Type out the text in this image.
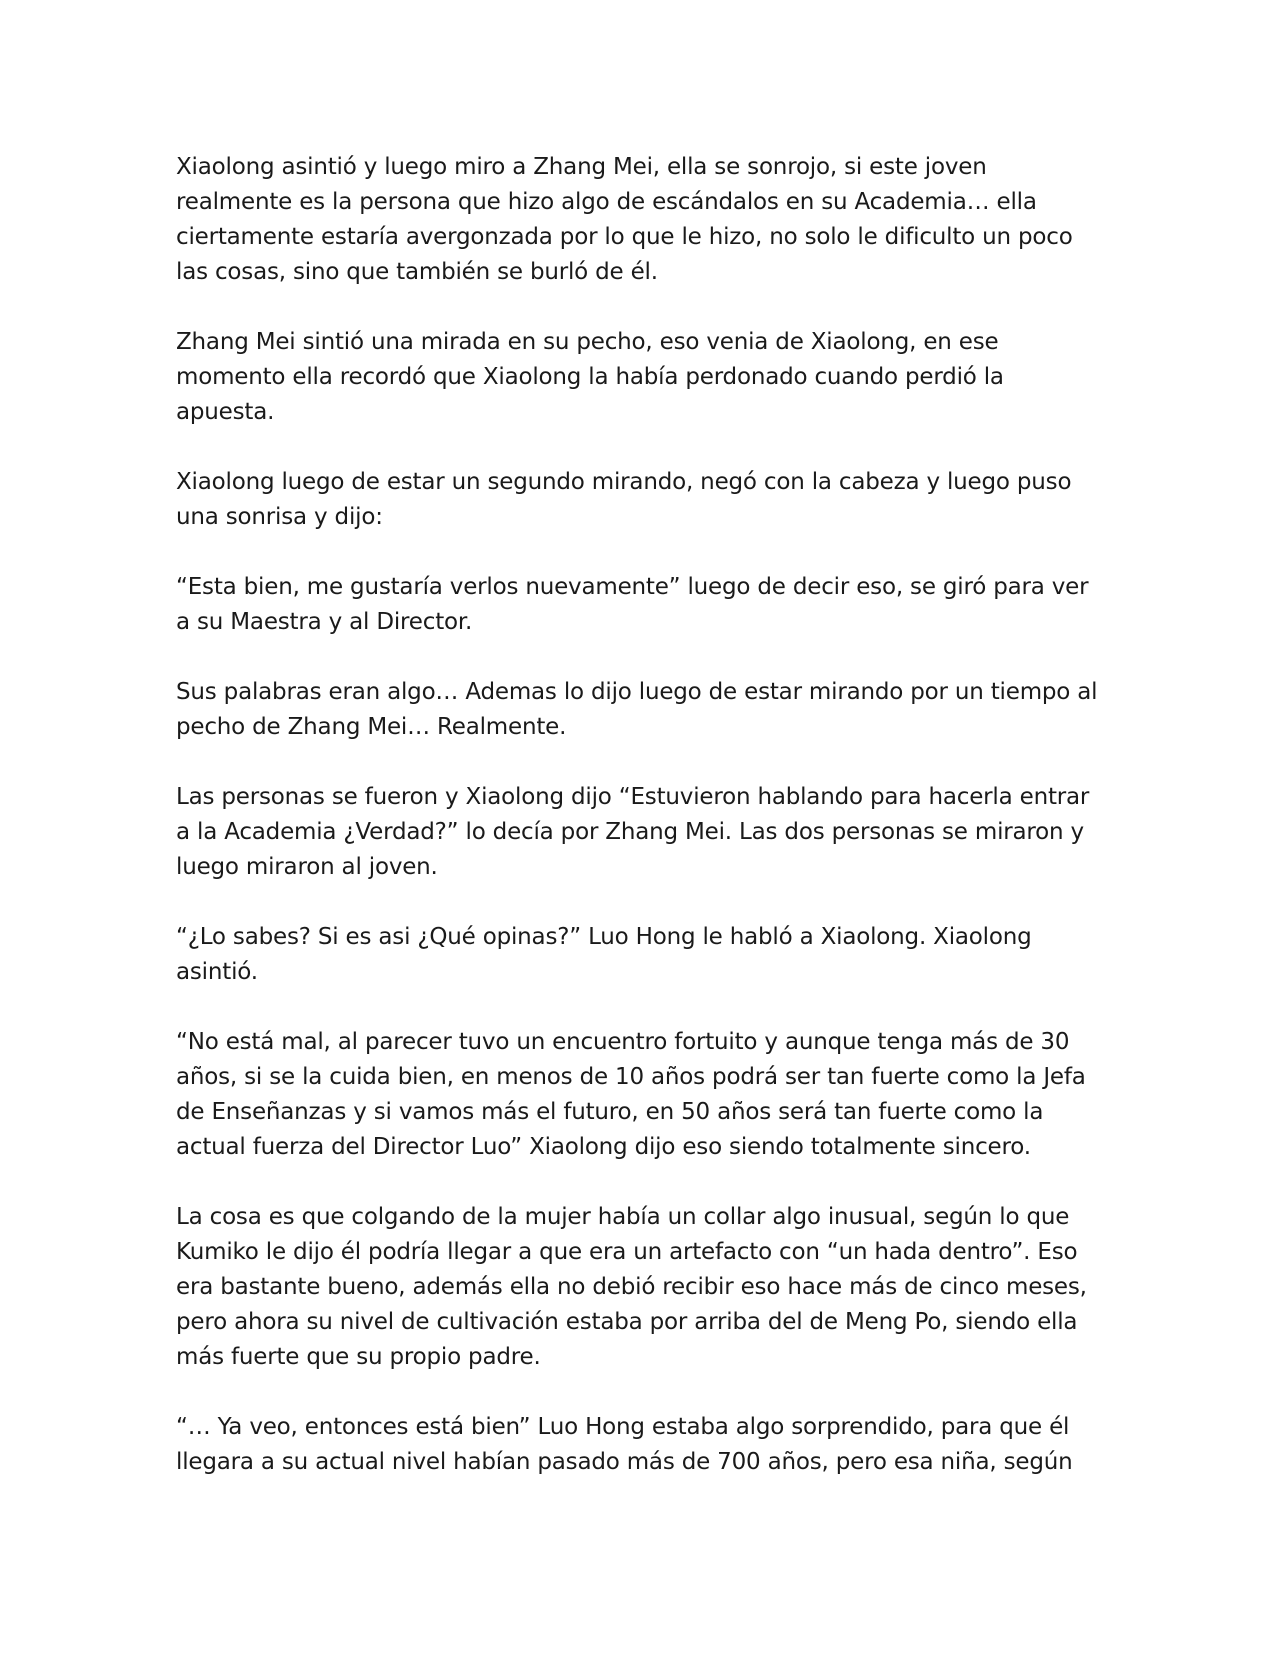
Xiaolong asintió y luego miro a Zhang Mei, ella se sonrojo, si este joven realmente es la persona que hizo algo de escándalos en su Academia… ella ciertamente estaría avergonzada por lo que le hizo, no solo le dificulto un poco las cosas, sino que también se burló de él.

Zhang Mei sintió una mirada en su pecho, eso venia de Xiaolong, en ese momento ella recordó que Xiaolong la había perdonado cuando perdió la apuesta.

Xiaolong luego de estar un segundo mirando, negó con la cabeza y luego puso una sonrisa y dijo:

“Esta bien, me gustaría verlos nuevamente” luego de decir eso, se giró para ver a su Maestra y al Director.

Sus palabras eran algo… Ademas lo dijo luego de estar mirando por un tiempo al pecho de Zhang Mei… Realmente.

Las personas se fueron y Xiaolong dijo “Estuvieron hablando para hacerla entrar a la Academia ¿Verdad?” lo decía por Zhang Mei. Las dos personas se miraron y luego miraron al joven.

“¿Lo sabes? Si es asi ¿Qué opinas?” Luo Hong le habló a Xiaolong. Xiaolong asintió.

“No está mal, al parecer tuvo un encuentro fortuito y aunque tenga más de 30 años, si se la cuida bien, en menos de 10 años podrá ser tan fuerte como la Jefa de Enseñanzas y si vamos más el futuro, en 50 años será tan fuerte como la actual fuerza del Director Luo” Xiaolong dijo eso siendo totalmente sincero.

La cosa es que colgando de la mujer había un collar algo inusual, según lo que Kumiko le dijo él podría llegar a que era un artefacto con “un hada dentro”. Eso era bastante bueno, además ella no debió recibir eso hace más de cinco meses, pero ahora su nivel de cultivación estaba por arriba del de Meng Po, siendo ella más fuerte que su propio padre.

“… Ya veo, entonces está bien” Luo Hong estaba algo sorprendido, para que él llegara a su actual nivel habían pasado más de 700 años, pero esa niña, según
